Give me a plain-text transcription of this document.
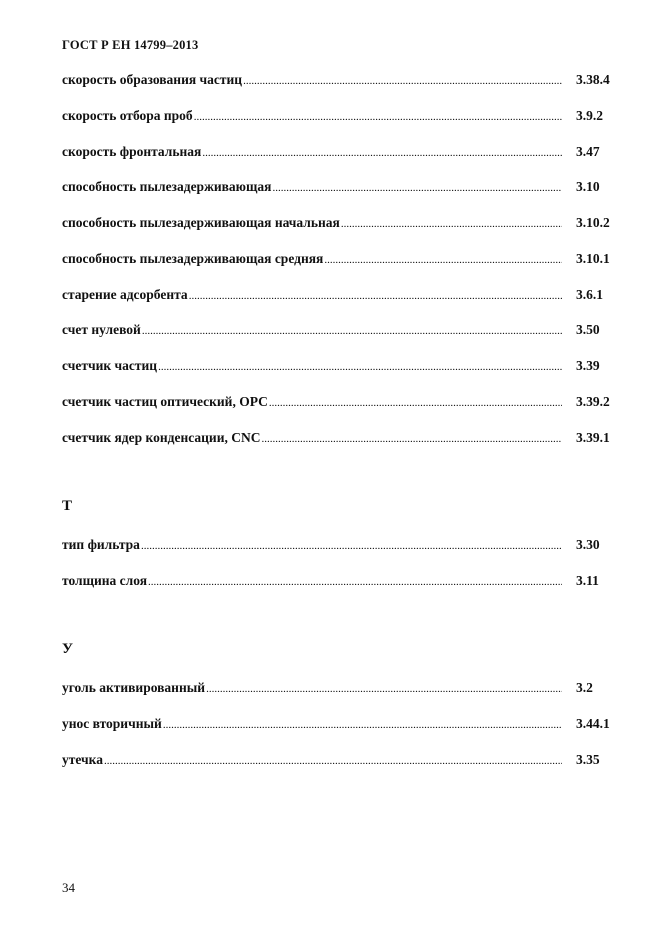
ГОСТ Р ЕН 14799–2013
скорость образования частиц .....	3.38.4
скорость отбора проб .....	3.9.2
скорость фронтальная .....	3.47
способность пылезадерживающая .....	3.10
способность пылезадерживающая начальная .....	3.10.2
способность пылезадерживающая средняя .....	3.10.1
старение адсорбента .....	3.6.1
счет нулевой .....	3.50
счетчик частиц .....	3.39
счетчик частиц оптический, ОРС .....	3.39.2
счетчик ядер конденсации, CNC .....	3.39.1
Т
тип фильтра .....	3.30
толщина слоя .....	3.11
У
уголь активированный .....	3.2
унос вторичный .....	3.44.1
утечка .....	3.35
34
